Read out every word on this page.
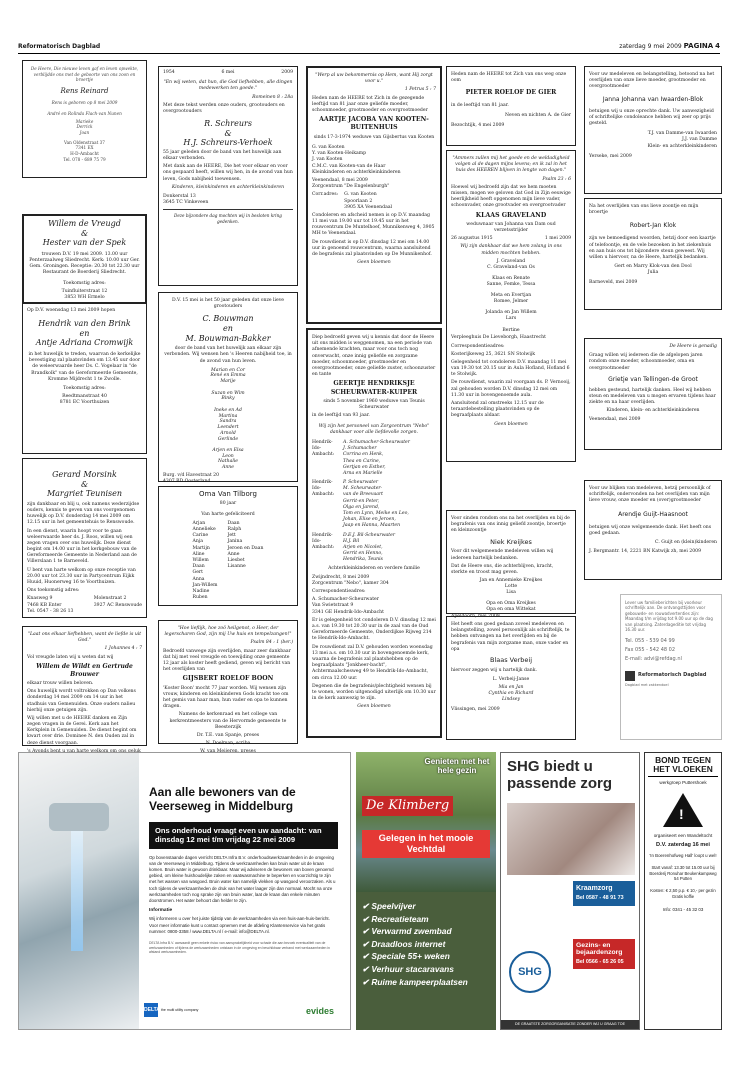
Reformatorisch Dagblad	zaterdag 9 mei 2009 PAGINA 4

De Heere, Die nieuwe leven gaf en leven opwekte, verblijdde ons met de geboorte van ons zoon en broertje

Rens Reinard

Rens is geboren op 8 mei 2009

André en Rolinda Flach-van Nunen

Marieke
Derrick
Joan

Van Oldenstraat 37
7341 EX
H-D-Ambacht
Tel. 078 - 689 75 79

Willem de Vreugd
&
Hester van der Spek

trouwen D.V. 19 mei 2009. 13.00 uur Penterzaalweg Sliedrecht. Kerk: 10.00 uur Ger. Gem. Groningen. Receptie: 20.30 tot 22.30 uur Restaurant de Boerderij Sliedrecht.

Toekomstig adres:

Tuinfluiterstraat 12
3853 WH Ermelo

Op D.V. woensdag 13 mei 2009 hopen

Hendrik van den Brink
en
Antje Adriana Cromwijk

in het huwelijk te treden, waarvan de kerkelijke bevestiging zal plaatsvinden om 13.45 uur door de weleerwaarde heer Ds. C. Vogelaar in "de Brandkolk" van de Gereformeerde Gemeente, Kromme Mijdrecht 1 te Zwolle.

Toekomstig adres:

Reedtmanstraat 40
8781 EC Voorthuizen

Gerard Morsink
&
Margriet Teunisen

zijn dankbaar en blij u, ook namens wederzijdse ouders, kennis te geven van ons voorgenomen huwelijk op D.V. donderdag 14 mei 2009 om 12.15 uur in het gemeentehuis te Renswoude.

In een dienst, waarin hoopt voor te gaan weleerwaarde heer ds. J. Roos, willen wij een zegen vragen over ons huwelijk. Deze dienst begint om 14.00 uur in het kerkgebouw van de Gereformeerde Gemeente in Nederland aan de Villerslaan 1 te Barneveld.

U bent van harte welkom op onze receptie van 20.00 uur tot 23.30 uur in Partycentrum Eijkk Huuid, Huonerweg 16 te Voorthuizen.

Ons toekomstig adres:

Knasweg 9
7468 KB Enter
Tel. 0547 - 38 26 13
Molenstraat 2
3927 AC Renswoude

"Laat ons elkaar liefhebben, want de liefde is uit God."

1 Johannes 4 : 7

Vol vreugde laten wij u weten dat wij

Willem de Wildt en Gertrude Brouwer

elkaar trouw willen beloven.

Ons huwelijk wordt voltrokken op Dan volkens donderdag 14 mei 2009 om 14 uur in het stadhuis van Gemenuiden. Onze ouders nalieu hierbij onze getuigen zijn.

Wij willen met u de HEERE danken en Zijn zegen vragen in de Gerei. Kerk aan het Kerkplein in Gemenuiden. De dienst begint om kwart over drie. Dominee N. den Ouden zal in deze dienst voorgaan.

1954	6 mei	2009

"En wij weten, dat hun, die God liefhebben, alle dingen medewerken ten goede."

Romeinen 8 : 28a

Met deze tekst werden onze ouders, grootouders en overgrootouders

R. Schreurs
&
H.J. Schreurs-Verhoek

55 jaar geleden door de band van het huwelijk aan elkaar verbonden.

Met dank aan de HEERE, Die het voor elkaar en voor ons gespaard heeft, willen wij hen, in de avond van hun leven, Gods nabijheid toewensen.

Kinderen, kleinkinderen en achterkleinkinderen

Donkerstal 13
3645 TC Vinkeveen

Deze bijzondere dag mochten wij in besloten kring gedenken.

D.V. 15 mei is het 50 jaar geleden dat onze lieve grootouders

C. Bouwman
en
M. Bouwman-Bakker

door de band van het huwelijk aan elkaar zijn verbonden. Wij wensen hen 's Heeren nabijheid toe, in de avond van hun leven.

Marian en Cor
René en Emma
Marije

Suzan en Wim
Binky

Ineke en Ad
Martina
Sandra
Leendert
Arnold
Gerlinde

Arjen en Elsa
Leon
Nathalie
Anne

Burg. v/d Havestraat 20
4307 BD Oosterland

Oma Van Tilborg

80 jaar

Van harte gefeliciteerd

Arjan
Annelieke
Carine
Anja
Martijn
Aline
Willem
Daan
Gert
Anna
Jan-Willem
Nadine
Ruben
Daan
Ralph
Jett
Janina
Jeroen en Daan
Anne
Liesbet
Lisanne

"Hoe lieflijk, hoe zoö heilgenot, o Heer, der legerscharen God, zijn mij Uw huis en tempelzangen!"

Psalm 84 : 1 (ber.)

Bedroefd vanwege zijn overlijden, maar zeer dankbaar dat hij met veel vreugde en toewijding onze gemeente 12 jaar als koster heeft gediend, geven wij bericht van het overlijden van

GIJSBERT ROELOF BOON

'Koster Boon' mocht 77 jaar worden. Wij wensen zijn vrouw, kinderen en kleinkinderen Gods kracht toe om het gemis van haar man, hun vader en opa te kunnen dragen.

Namens de kerkenraad en het college van kerkrentmeesters van de Hervormde gemeente te Beesterzijk

Dr. T.E. van Spanje, preses

N. Doelman, scriba

"Werp al uw bekommernis op Hem, want Hij zorgt voor u."

1 Petrus 5 : 7

Heden nam de HEERE tot Zich in de gezegende leeftijd van 81 jaar onze geliefde moeder, schoonmoeder, grootmoeder en overgrootmoeder

AARTJE JACOBA VAN KOOTEN-BUITENHUIS

sinds 17-3-1974 weduwe van Gijsbertus van Kooten

G. van Kooten
Y. van Kooten-Heikamp
J. van Kooten
C.M.C. van Kooten-van de Haar
Kleinkinderen en achterkleinkinderen

Veenendaal, 8 mei 2009
Zorgcentrum "De Engelenburgh"

Corr.adres: G. van Kooten
Spoorlaan 2
3905 XA Veenendaal

Condoleren en afscheid nemen is op D.V. maandag 11 mei van 19.00 uur tot 19.45 uur in het rouwcentrum De Muntelhoef, Munnikenweg 4, 3905 MH te Veenendaal.

De rouwdienst is op D.V. dinsdag 12 mei om 14.00 uur in genoemd rouwcentrum, waarna aansluitend de begrafenis zal plaatsvinden op De Munnikenhof.

Geen bloemen

Diep bedroefd geven wij u kennis dat door de Heere uit ons midden is weggenomen, na een periode van afnemende krachten, maar voor ons toch nog onverwacht, onze innig geliefde en zorgzame moeder, schoonmoeder, grootmoeder en overgrootmoeder, onze geliefde zuster, schoonzuster en tante

GEERTJE HENDRIKSJE SCHEURWATER-KUIPER

sinds 5 november 1960 weduwe van Teunis Scheurwater

in de leeftijd van 93 jaar.

Wij zijn het personeel van Zorgcentrum "Nebo" dankbaar voor alle liefdevolle zorgen.

Hendrik-Ido-Ambacht:
A. Schumacher-Scheurwater
J. Schumacher
Corrina en Henk,
Thea en Carine,
Gertjan en Esther,
Arna en Marielle
Hendrik-Ido-Ambacht:
P. Scheurwater
M. Scheurwater-
van de Breevaart
Gerrit-en Peter,
Olga en Jarend,
Tom en Lynn, Meike en Leo,
Johan, Elise en Jeroen,
Jaap en Hanna, Maarten
Hendrik-Ido-Ambacht:
D.E.J. Bil-Scheurwater
H.J. Bil
Arjen en Nicolet,
Gerrit en Henno,
Hendrika, Teunis

Achterkleinkinderen en verdere familie

Zwijndrecht, 8 mei 2009
Zorgcentrum "Nebo", kamer 304

Correspondentieadres:

A. Schumacher-Scheurwater
Van Swietstraat 9
3341 GE Hendrik-Ido-Ambacht

Er is gelegenheid tot condoleren D.V. dinsdag 12 mei a.s. van 19.30 tot 20.30 uur in de zaal van de Oud Gereformeerde Gemeente, Onderdijkse Rijweg 214 te Hendrik-Ido-Ambacht.

De rouwdienst zal D.V. gehouden worden woensdag 13 mei a.s. om 10.30 uur in bovengenoemde kerk, waarna de begrafenis zal plaatshebben op de begraafplaats "Jonkheer-bacht", Achtermaalschesweg 49 te Hendrik-Ido-Ambacht, om circa 12.00 uur.

Degenen die de begrafenis/plechtigheid wensen bij te wonen, worden uitgenodigd uiterlijk om 10.30 uur in de kerk aanwezig te zijn.

Geen bloemen

Heden nam de HEERE tot Zich van ons weg onze oom

PIETER ROELOF DE GIER

in de leeftijd van 81 jaar.

Neven en nichten A. de Gier

Bezochtijk, 4 mei 2009

"Ammers zullen mij het goede en de weldadigheid volgen al de dagen mijns levens; en ik zal in het huis des HEEREN blijven in lengte van dagen."

Psalm 23 : 6

Hoewel wij bedroefd zijn dat we hem moeten missen, mogen we geloven dat God in Zijn eeuwige heerlijkheid heeft opgenomen mijn lieve vader, schoonvader, onze grootvader en overgrootvader

KLAAS GRAVELAND

weduwnaar van Johanna van Dam oud verzetsstrijder

26 augustus 1915	1 mei 2009

Wij zijn dankbaar dat we hem zolang in ons midden mochten hebben.

J. Graveland
C. Graveland-van Os

Klaas en Renate
Sanne, Femke, Tessa

Meta en Evertjan
Romee, Jelmer

Jolanda en Jan Willem
Lars

Bertine

Verpleeghuis De Lieveborgh, Haastrecht

Correspondentieadres:

Kosterijkeweg 25, 3621 SN Stolwijk

Gelegenheid tot condoleren D.V. maandag 11 mei van 19.30 tot 20.15 uur in Aula Hofland, Hofland 6 te Stolwijk.

De rouwdienst, waarin zal voorgaan ds. P. Vernooij, zal gehouden worden D.V. dinsdag 12 mei om 11.30 uur in bovengenoemde aula.

Aansluitend zal omstreeks 12.15 uur de teraardebestelling plaatsvinden op de begraafplaats aldaar.

Geen bloemen

Voor sinden rondom ons na het overlijden en bij de begrafenis van ons innig geliefd zoontje, broertje en kleinzoontje

Niek Kreijkes

Voor dit welgemeende medeleven willen wij iedereen hartelijk bedanken.

Dat de Heere ons, die achterblijven, kracht, sterkte en troost mag geven.

Jan en Annemieke Kreijkes
Lotte
Lisa

Opa en Oma Kreijkes
Opa en oma Wittekat

Apeldoorn, mei 2009

Het heeft ons goed gedaan zoveel medeleven en belangstelling, zowel persoonlijk als schriftelijk, te hebben ontvangen na het overlijden en bij de begrafenis van mijn zorgzame man, onze vader en opa

Blaas Verbeij

hiervoor zeggen wij u hartelijk dank.

L. Verbeij-Janse

Mia en Jan
Cynthia en Richard
Lindsey

Vlissingen, mei 2009

Voor uw medeleven en belangstelling, betoond na het overlijden van onze lieve moeder, grootmoeder en overgrootmoeder

Janna Johanna van Iwaarden-Blok

betuigen wij u onze oprechte dank. Uw aanwezigheid of schriftelijke condoleance hebben wij zeer op prijs gesteld.

T.J. van Damme-van Iwaarden
J.J. van Damme
Klein- en achterkleinkinderen

Yerseke, mei 2009

Na het overlijden van ons lieve zoontje en mijn broertje

Robert-Jan Klok

zijn we bemoedigend woorden, hetzij door een kaartje of telefoontje, en de vele bezoeken in het ziekenhuis en aan huis ons tot bijzondere steun geweest. Wij willen u hiervoor, na de Heere, hartelijk bedanken.

Gert en Marry Klok-van den Dool
Julia

Barneveld, mei 2009

De Heere is genadig

Graag willen wij iedereen die de afgelopen jaren rondom onze moeder, schoonmoeder, oma en overgrootmoeder

Grietje van Tellingen-de Groot

hebben gesteund, hartelijk danken. Heel wij hebben steun en medeleven van u mogen ervaren tijdens haar ziekte en na haar overlijden.

Kinderen, klein- en achterkleinkinderen

Veenendaal, mei 2009

Voor uw blijken van medeleven, hetzij persoonlijk of schriftelijk, ondervonden na het overlijden van mijn lieve vrouw, onze moeder en (over)grootmoeder

Arendje Guijt-Haasnoot

betuigen wij onze welgemeende dank. Het heeft ons goed gedaan.

C. Guijt en (klein)kinderen

J. Bergmantr. 14, 2221 BN Katwijk zh, mei 2009

Lever uw familieberichten bij voorkeur schriftelijk aan. De ontvangsttijden voor gebouwde- en rouwadvertenties zijn: Maandag t/m vrijdag tot 9.00 uur op de dag van plaatsing. Zaterdageditie tot vrijdag 16.30 uur.

Tel. 055 - 539 04 99

Fax 055 - 542 48 02

E-mail: advi@refdag.nl

Reformatorisch Dagblad

Dagblad met zakkendoel

Aan alle bewoners van de Veerseweg in Middelburg
Ons onderhoud vraagt even uw aandacht: van dinsdag 12 mei t/m vrijdag 22 mei 2009

Op bovenstaande dagen verricht DELTA Infra B.V. onderhoudswerkzaamheden in de omgeving van de Veerseweg in Middelburg. Tijdens de werkzaamheden kan bruin water uit de kraan komen. Bruin water is gewoon drinkbaar. Maar wij adviseren de bewoners van boven genoemd gebied, om kleine huishoudelijke zaken en vaatwasmachine te beperken en voorzichtig te zijn met het wassen van wasgoed. Bruin water kan namelijk vlekken op wasgoed veroorzaken. Als u toch tijdens de werkzaamheden de druk van het water laager zijn dan normaal. Mocht na onze werkzaamheden toch nog sprake zijn van bruin water, laat de kraan dan enkele minuten doorstromen. Het water behoort dan helder te zijn.

Informatie

Wij informeren u over het juiste tijdstip van de werkzaamheden via een huis-aan-huis-bericht. Voor meer informatie kunt u contact opnemen met de afdeling Klantenservice via het gratis nummer: 0800-3358 / www.DELTA.nl / e-mail: info@DELTA.nl.

DELTA Infra B.V. aanvaardt geen enkele risico van aansprakelijkheid voor schade die aan bezoek eventualiteit van de werkzaamheden of tijdens de werkzaamheden ontstaan in de omgeving en beschikbaar verband met werkzaamheden in afstand werkzaamheden.

DELTA the multi utility company	evides
Genieten met het hele gezin
De Klimberg
Gelegen in het mooie Vechtdal
✔ Speelvijver
✔ Recreatieteam
✔ Verwarmd zwembad
✔ Draadloos internet
✔ Speciale 55+ weken
✔ Verhuur stacaravans
✔ Ruime kampeerplaatsen
SHG biedt u passende zorg
SHG
Kraamzorg
Bel 0587 - 48 91 73
Gezins- en bejaardenzorg
Bel 0566 - 65 26 05
DE GRAATSTE ZORGORGANISATIE ZONDER WIJ U GRAAG TOE
BOND TEGEN HET VLOEKEN
werkgroep Puttershoek
!
organiseert een Wandeltocht
D.V. zaterdag 16 mei
'In Boerenhofweg Hall' loopt u wel!
Start vanaf: 13.30 tot 15.00 uur bij Boerderij Ronuhar Beukenkampweg 54 Putten
Kosten: € 2,50 p.p. € 10,- per gezin Gratis koffie
Info: 0341 - 45 32 03
